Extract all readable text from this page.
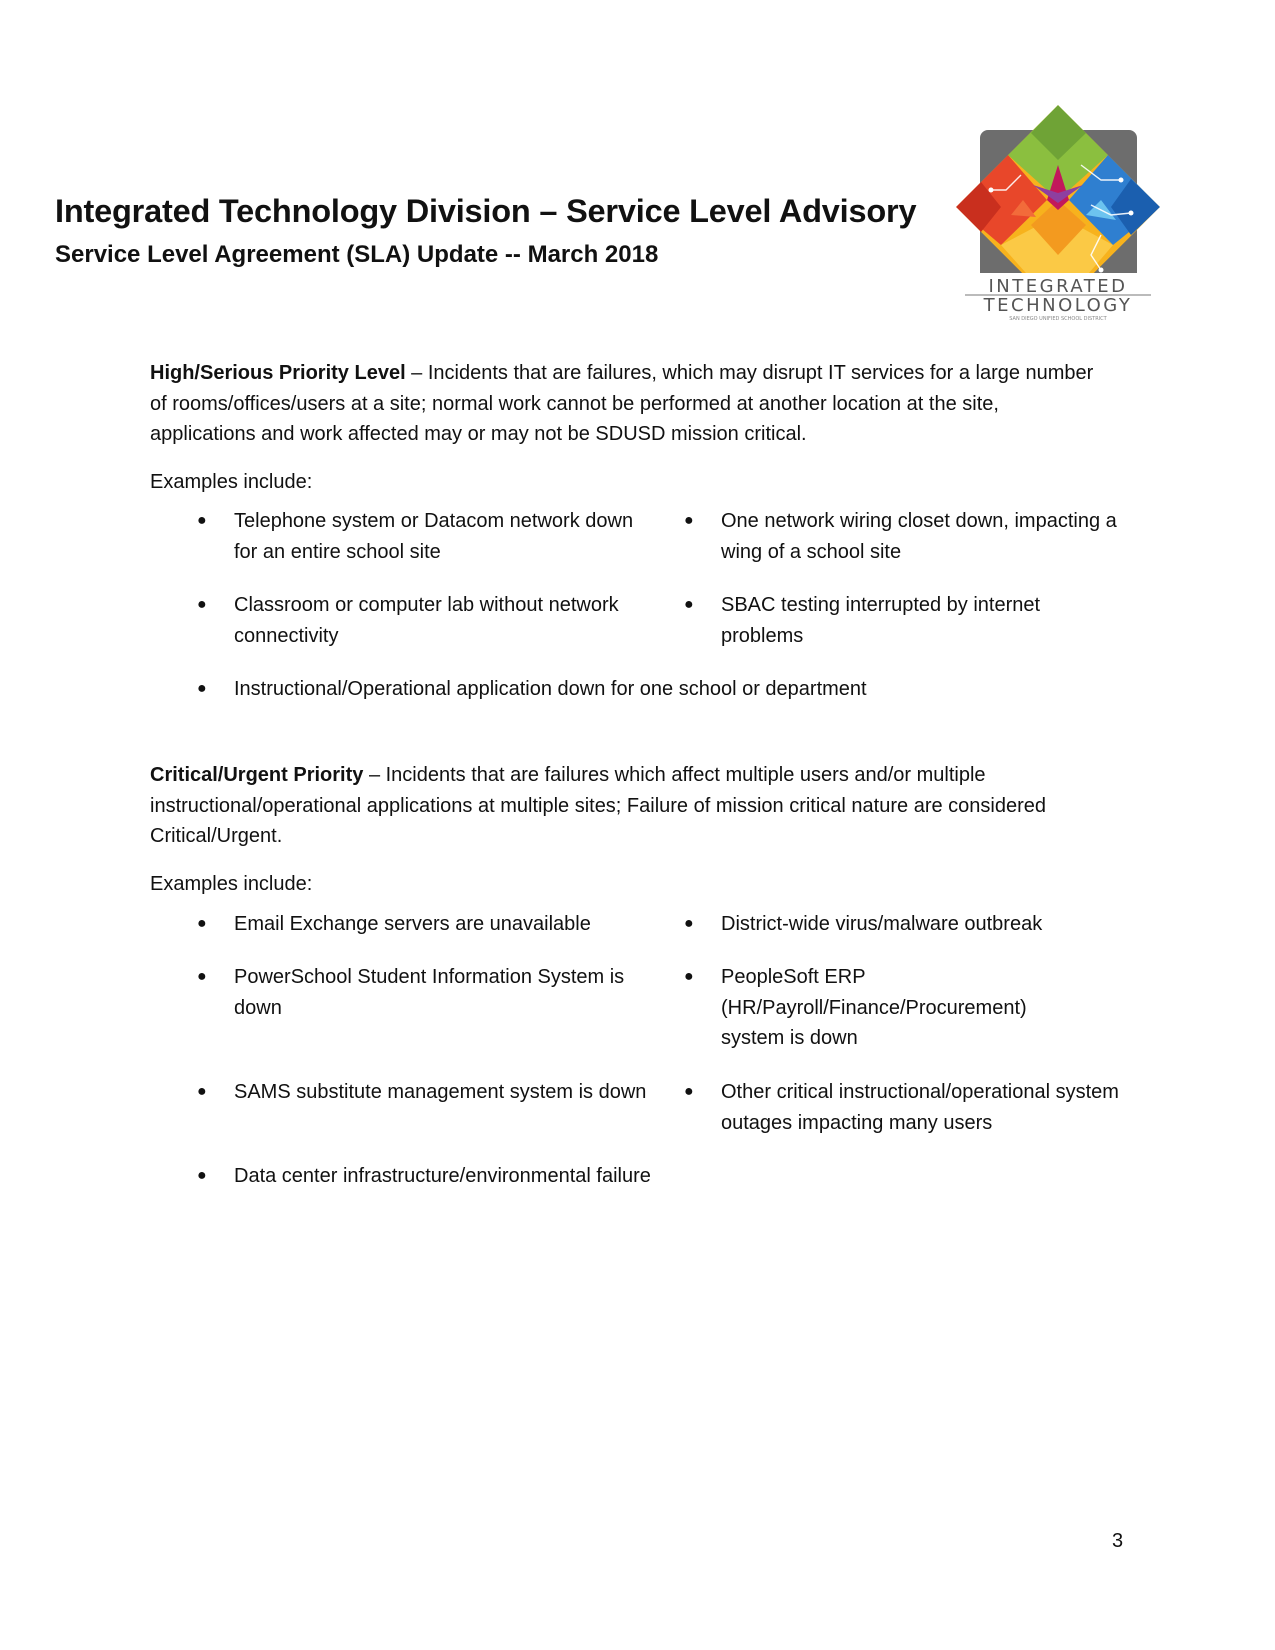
Integrated Technology Division – Service Level Advisory
Service Level Agreement (SLA) Update -- March 2018
INTEGRATED
TECHNOLOGY
SAN DIEGO UNIFIED SCHOOL DISTRICT
High/Serious Priority Level – Incidents that are failures, which may disrupt IT services for a large number of rooms/offices/users at a site; normal work cannot be performed at another location at the site, applications and work affected may or may not be SDUSD mission critical.
Examples include:
● Telephone system or Datacom network down for an entire school site
● One network wiring closet down, impacting a wing of a school site
● Classroom or computer lab without network connectivity
● SBAC testing interrupted by internet problems
● Instructional/Operational application down for one school or department
Critical/Urgent Priority – Incidents that are failures which affect multiple users and/or multiple instructional/operational applications at multiple sites; Failure of mission critical nature are considered Critical/Urgent.
Examples include:
● Email Exchange servers are unavailable	● District-wide virus/malware outbreak
● PowerSchool Student Information System is down
● PeopleSoft ERP (HR/Payroll/Finance/Procurement) system is down
● SAMS substitute management system is down	● Other critical instructional/operational system outages impacting many users
● Data center infrastructure/environmental failure
3
